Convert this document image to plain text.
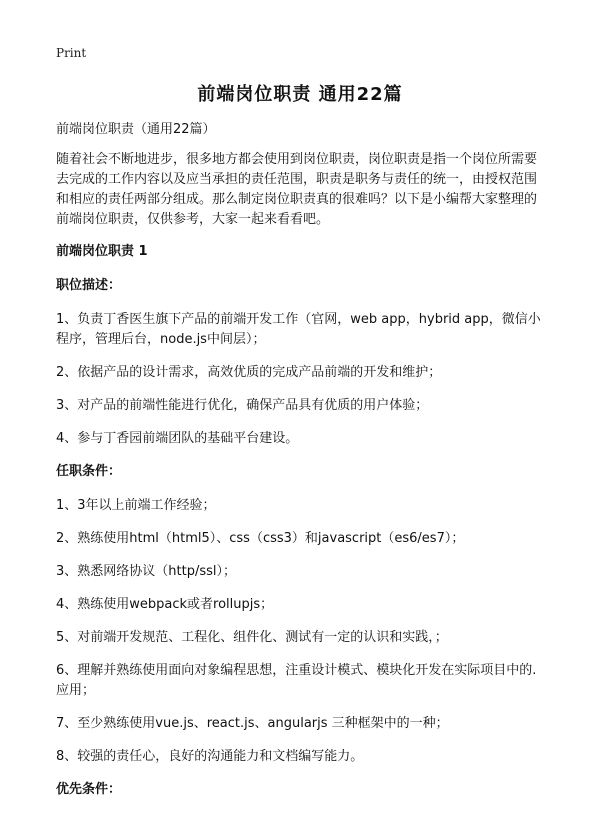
Print
前端岗位职责 通用22篇
前端岗位职责（通用22篇）
随着社会不断地进步，很多地方都会使用到岗位职责，岗位职责是指一个岗位所需要去完成的工作内容以及应当承担的责任范围，职责是职务与责任的统一，由授权范围和相应的责任两部分组成。那么制定岗位职责真的很难吗？以下是小编帮大家整理的前端岗位职责，仅供参考，大家一起来看看吧。
前端岗位职责 1
职位描述：
1、负责丁香医生旗下产品的前端开发工作（官网，web app，hybrid app，微信小程序，管理后台，node.js中间层）；
2、依据产品的设计需求，高效优质的完成产品前端的开发和维护；
3、对产品的前端性能进行优化，确保产品具有优质的用户体验；
4、参与丁香园前端团队的基础平台建设。
任职条件：
1、3年以上前端工作经验；
2、熟练使用html（html5）、css（css3）和javascript（es6/es7）；
3、熟悉网络协议（http/ssl）；
4、熟练使用webpack或者rollupjs；
5、对前端开发规范、工程化、组件化、测试有一定的认识和实践，；
6、理解并熟练使用面向对象编程思想，注重设计模式、模块化开发在实际项目中的.应用；
7、至少熟练使用vue.js、react.js、angularjs 三种框架中的一种；
8、较强的责任心，良好的沟通能力和文档编写能力。
优先条件：
